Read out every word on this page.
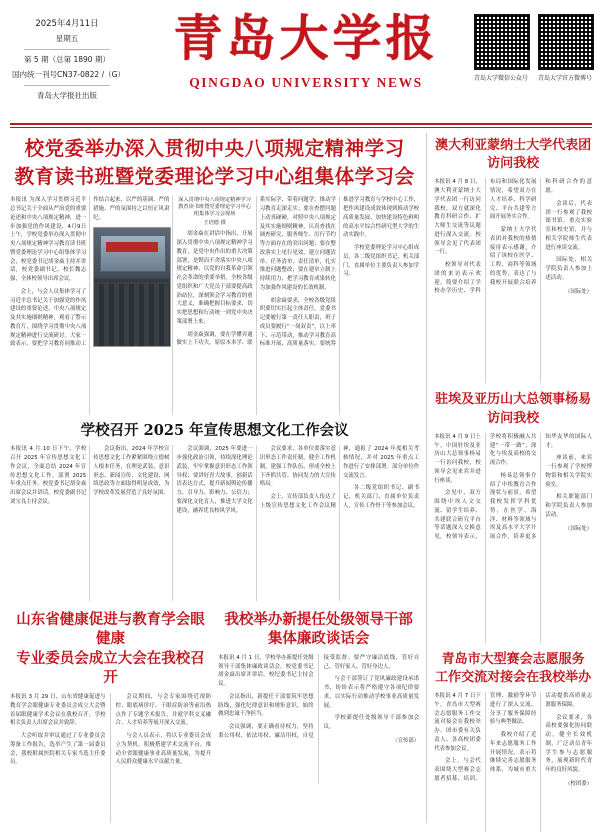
2025年4月11日
星期五
第 5 期（总第 1890 期）
国内统一刊号CN37-0822 /（G）
青岛大学报社出版
青岛大学报
QINGDAO UNIVERSITY NEWS	青岛大学微信公众号 青岛大学官方微博号
校党委举办深入贯彻中央八项规定精神学习
教育读书班暨党委理论学习中心组集体学习会

本报讯 为深入学习贯彻习近平总书记关于全面从严治党的重要论述和中央八项规定精神，进一步加强党的作风建设，4月9日上午，学校党委举办深入贯彻中央八项规定精神学习教育读书班暨党委理论学习中心组集体学习会，校党委书记胡金焱主持并讲话，校党委副书记、校长魏志强，全体校领导出席会议。

会上，与会人员集体学习了习近平总书记关于加强党的作风建设的重要论述、中央八项规定及其实施细则精神，观看了警示教育片，围绕学习贯彻中央八项规定精神进行交流研讨。大家一致表示，要把学习教育同推动工作结合起来，以严的基调、严的措施、严的氛围持之以恒正风肃纪。

深入贯彻中央八项规定精神学习教育读书班暨党委理论学习中心组集体学习会现场
王培德 摄

胡金焱在讲话中指出，开展深入贯彻中央八项规定精神学习教育，是党中央作出的重大决策部署，是锲而不舍落实中央八项规定精神、以党的自我革命引领社会革命的重要举措。全校各级党组织和广大党员干部要提高政治站位，深刻领会学习教育的重大意义，准确把握目标要求，切实把思想和行动统一到党中央决策部署上来。

胡金焱强调，要在学懂弄通做实上下功夫，原原本本学、联系实际学、带着问题学，推动学习教育走深走实；要在查摆问题上动真碰硬，对照中央八项规定及其实施细则精神，认真查找在调查研究、服务师生、厉行节约等方面存在的突出问题；要在整改落实上见行见效，建立问题清单、任务清单、责任清单，扎实推进问题整改；要在建章立制上持续用力，把学习教育成果转化为加强作风建设的长效机制。

胡金焱要求，全校各级党组织要切实扛起主体责任，党委书记要履行第一责任人职责，班子成员要履行“一岗双责”，以上率下、示范带动，推动学习教育高标准开展、高质量落实。要统筹推进学习教育与学校中心工作，把作风建设成效体现到推动学校高质量发展、加快建设特色鲜明的高水平综合性研究型大学的生动实践中。

学校党委理论学习中心组成员，各二级党组织书记，机关部门、直属单位主要负责人参加学习。

学校召开 2025 年宣传思想文化工作会议

本报讯 4 月 10 日下午，学校召开 2025 年宣传思想文化工作会议，全面总结 2024 年宣传思想文化工作，部署 2025 年重点任务。校党委书记胡金焱出席会议并讲话，校党委副书记刘宝良主持会议。

会议指出，2024 年学校宣传思想文化工作紧紧围绕立德树人根本任务，在理论武装、意识形态、新闻宣传、文化建设、网络思政等方面取得明显成效，为学校改革发展营造了良好氛围。

会议强调，2025 年要进一步强化政治引领，持续深化理论武装，牢牢掌握意识形态工作领导权；要讲好青大故事，创新话语表达方式，提升新闻舆论传播力、引导力、影响力、公信力；要深化文化育人，推进大学文化建设，涵养优良校风学风。

会议要求，各单位要落实意识形态工作责任制，健全工作机制，建强工作队伍，形成全校上下齐抓共管、协同发力的大宣传格局。

会上，宣传部负责人传达了上级宣传思想文化工作会议精神，通报了 2024 年度相关考核情况，并对 2025 年重点工作进行了安排部署。部分单位作交流发言。

各二级党组织书记、副书记，机关部门、直属单位负责人，宣传工作骨干等参加会议。

山东省健康促进与教育学会眼健康
专业委员会成立大会在我校召开

本报讯 3 月 29 日，山东省健康促进与教育学会眼健康专业委员会成立大会暨首届眼健康学术会议在我校召开。学校相关负责人出席会议并致辞。

大会听取并审议通过了专业委员会筹备工作报告，选举产生了第一届委员会，我校附属医院相关专家当选主任委员。

会议期间，与会专家围绕近视防控、眼底病诊疗、干眼症防治等前沿热点作了专题学术报告，并就学科交叉融合、人才培养等展开深入交流。

与会人员表示，将以专业委员会成立为契机，积极搭建学术交流平台，推动全省眼健康事业高质量发展，为提升人民群众健康水平贡献力量。

我校举办新提任处级领导干部
集体廉政谈话会

本报讯 4 月 1 日，学校举办新提任处级领导干部集体廉政谈话会。校党委书记胡金焱出席并讲话，校纪委书记主持会议。

会议指出，新提任干部要筑牢思想防线，强化纪律意识和规矩意识，始终做到忠诚干净担当。

会议强调，要正确看待权力，坚持秉公用权、依法用权、廉洁用权，自觉接受监督；要严守廉洁底线，管好自己、管好家人、管好身边人。

与会干部签订了党风廉政建设承诺书，纷纷表示将严格遵守各项纪律要求，以实际行动推动学校事业高质量发展。

学校新提任处级领导干部参加会议。

（宣传部）
澳大利亚蒙纳士大学代表团
访问我校

本报讯 4 月 8 日，澳大利亚蒙纳士大学代表团一行访问我校，双方就深化教育科研合作、扩大师生交流等议题进行深入交流。校领导会见了代表团一行。

校领导对代表团的来访表示欢迎，简要介绍了学校办学历史、学科布局和国际化发展情况，希望双方在人才培养、科学研究、平台共建等方面开展务实合作。

蒙纳士大学代表团对我校的热情接待表示感谢，介绍了该校在医学、工程、商科等领域的优势，表达了与我校开展联合培养和科研合作的意愿。

会谈后，代表团一行参观了我校图书馆、重点实验室和校史馆，并与相关学院师生代表进行座谈交流。

国际处、相关学院负责人参加上述活动。

（国际处）
驻埃及亚历山大总领事杨易
访问我校

本报讯 4 月 9 日上午，中国驻埃及亚历山大总领事杨易一行访问我校，校领导会见来宾并进行座谈。

会见中，双方围绕中埃人文交流、留学生培养、共建联合研究平台等话题深入交换意见。校领导表示，学校将积极融入共建“一带一路”，深化与埃及高校的交流合作。

杨易总领事介绍了中埃教育合作现状与前景，希望我校发挥学科优势，在医学、海洋、材料等领域与埃及高水平大学开展合作，培养更多知华友华的国际人才。

座谈前，来宾一行参观了学校博物馆和相关学院实验室。

相关职能部门和学院负责人参加活动。

（国际处）
青岛市大型赛会志愿服务
工作交流对接会在我校举办

本报讯 4 月 7 日下午，青岛市大型赛会志愿服务工作交流对接会在我校举办。团市委有关负责人、各高校团委代表参加会议。

会上，与会代表围绕大型赛会志愿者招募、培训、管理、激励等环节进行了深入交流，分享了服务保障经验与典型做法。

我校介绍了近年来志愿服务工作开展情况，表示将继续完善志愿服务体系，为城市重大活动提供高质量志愿服务保障。

会议要求，各高校要强化协同联动，健全长效机制，广泛动员青年学生参与志愿服务，展现新时代青年的良好风貌。

（校团委）
